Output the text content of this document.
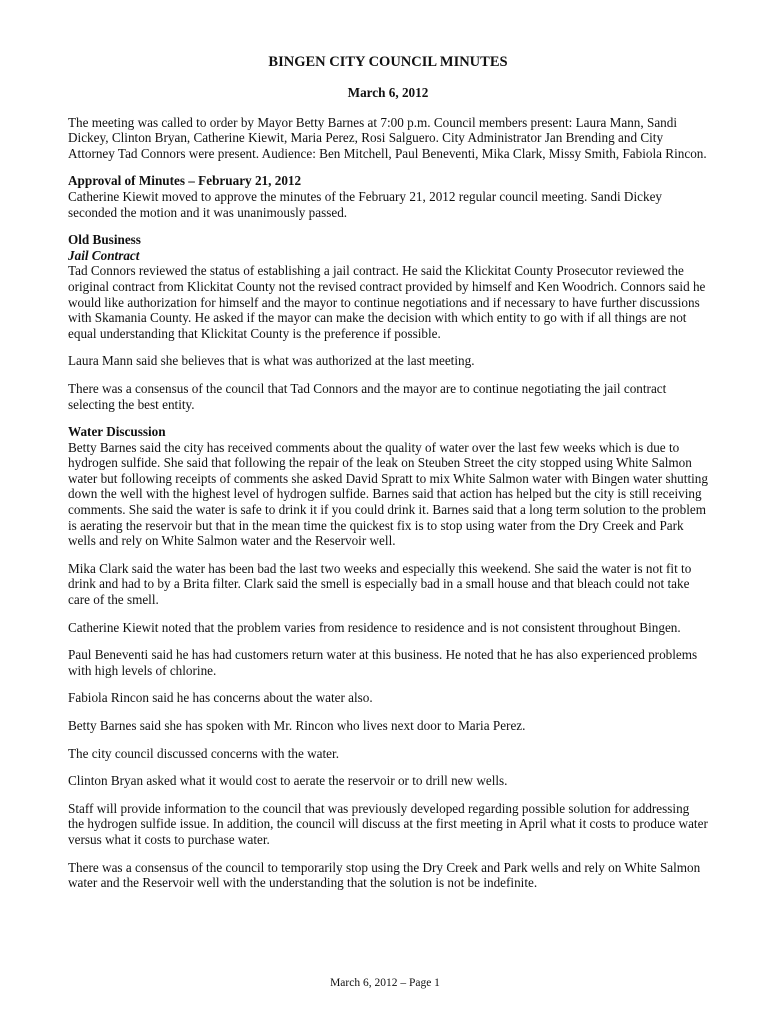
BINGEN CITY COUNCIL MINUTES

March 6, 2012

The meeting was called to order by Mayor Betty Barnes at 7:00 p.m. Council members present: Laura Mann, Sandi Dickey, Clinton Bryan, Catherine Kiewit, Maria Perez, Rosi Salguero. City Administrator Jan Brending and City Attorney Tad Connors were present. Audience: Ben Mitchell, Paul Beneventi, Mika Clark, Missy Smith, Fabiola Rincon.

Approval of Minutes – February 21, 2012

Catherine Kiewit moved to approve the minutes of the February 21, 2012 regular council meeting. Sandi Dickey seconded the motion and it was unanimously passed.

Old Business

Jail Contract

Tad Connors reviewed the status of establishing a jail contract. He said the Klickitat County Prosecutor reviewed the original contract from Klickitat County not the revised contract provided by himself and Ken Woodrich. Connors said he would like authorization for himself and the mayor to continue negotiations and if necessary to have further discussions with Skamania County. He asked if the mayor can make the decision with which entity to go with if all things are not equal understanding that Klickitat County is the preference if possible.

Laura Mann said she believes that is what was authorized at the last meeting.

There was a consensus of the council that Tad Connors and the mayor are to continue negotiating the jail contract selecting the best entity.

Water Discussion

Betty Barnes said the city has received comments about the quality of water over the last few weeks which is due to hydrogen sulfide. She said that following the repair of the leak on Steuben Street the city stopped using White Salmon water but following receipts of comments she asked David Spratt to mix White Salmon water with Bingen water shutting down the well with the highest level of hydrogen sulfide. Barnes said that action has helped but the city is still receiving comments. She said the water is safe to drink it if you could drink it. Barnes said that a long term solution to the problem is aerating the reservoir but that in the mean time the quickest fix is to stop using water from the Dry Creek and Park wells and rely on White Salmon water and the Reservoir well.

Mika Clark said the water has been bad the last two weeks and especially this weekend. She said the water is not fit to drink and had to by a Brita filter. Clark said the smell is especially bad in a small house and that bleach could not take care of the smell.

Catherine Kiewit noted that the problem varies from residence to residence and is not consistent throughout Bingen.

Paul Beneventi said he has had customers return water at this business. He noted that he has also experienced problems with high levels of chlorine.

Fabiola Rincon said he has concerns about the water also.

Betty Barnes said she has spoken with Mr. Rincon who lives next door to Maria Perez.

The city council discussed concerns with the water.

Clinton Bryan asked what it would cost to aerate the reservoir or to drill new wells.

Staff will provide information to the council that was previously developed regarding possible solution for addressing the hydrogen sulfide issue. In addition, the council will discuss at the first meeting in April what it costs to produce water versus what it costs to purchase water.

There was a consensus of the council to temporarily stop using the Dry Creek and Park wells and rely on White Salmon water and the Reservoir well with the understanding that the solution is not be indefinite.

March 6, 2012 – Page 1
